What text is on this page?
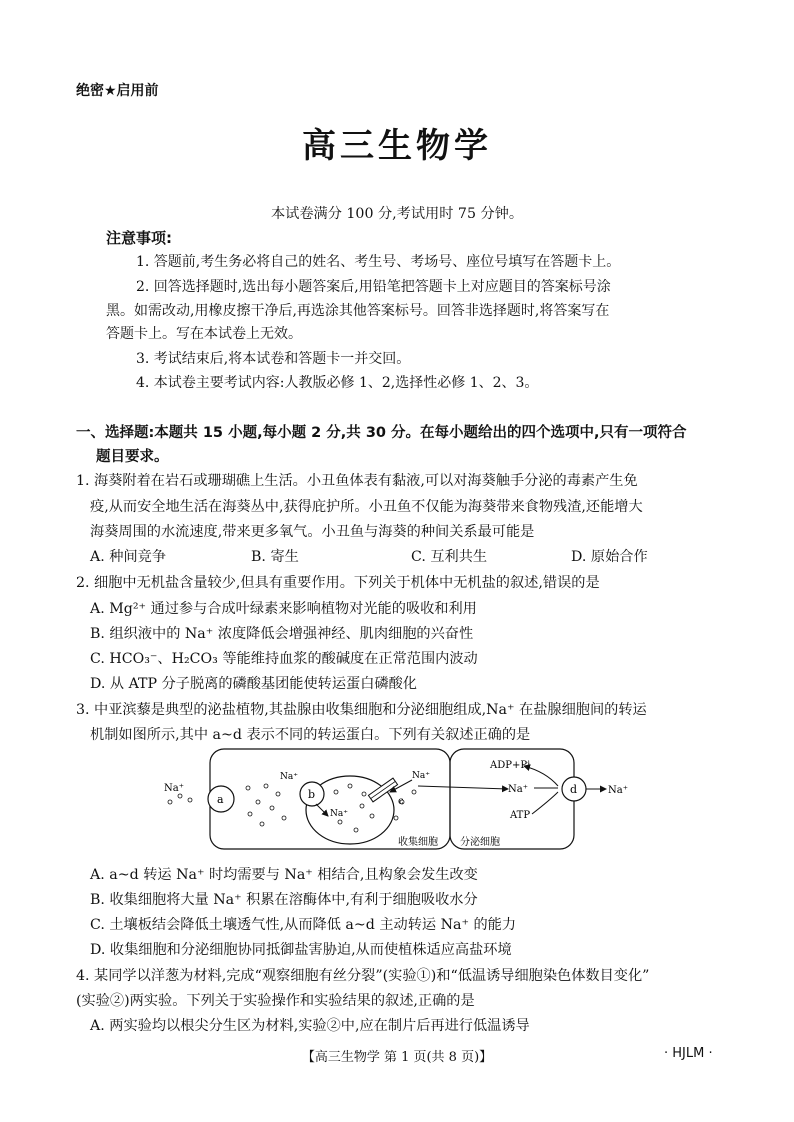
绝密★启用前
高三生物学
本试卷满分 100 分,考试用时 75 分钟。
注意事项:
1. 答题前,考生务必将自己的姓名、考生号、考场号、座位号填写在答题卡上。
2. 回答选择题时,选出每小题答案后,用铅笔把答题卡上对应题目的答案标号涂
黑。如需改动,用橡皮擦干净后,再选涂其他答案标号。回答非选择题时,将答案写在
答题卡上。写在本试卷上无效。
3. 考试结束后,将本试卷和答题卡一并交回。
4. 本试卷主要考试内容:人教版必修 1、2,选择性必修 1、2、3。
一、选择题:本题共 15 小题,每小题 2 分,共 30 分。在每小题给出的四个选项中,只有一项符合
题目要求。
1. 海葵附着在岩石或珊瑚礁上生活。小丑鱼体表有黏液,可以对海葵触手分泌的毒素产生免
疫,从而安全地生活在海葵丛中,获得庇护所。小丑鱼不仅能为海葵带来食物残渣,还能增大
海葵周围的水流速度,带来更多氧气。小丑鱼与海葵的种间关系最可能是
A. 种间竞争	B. 寄生	C. 互利共生	D. 原始合作
2. 细胞中无机盐含量较少,但具有重要作用。下列关于机体中无机盐的叙述,错误的是
A. Mg²⁺ 通过参与合成叶绿素来影响植物对光能的吸收和利用
B. 组织液中的 Na⁺ 浓度降低会增强神经、肌肉细胞的兴奋性
C. HCO₃⁻、H₂CO₃ 等能维持血浆的酸碱度在正常范围内波动
D. 从 ATP 分子脱离的磷酸基团能使转运蛋白磷酸化
3. 中亚滨藜是典型的泌盐植物,其盐腺由收集细胞和分泌细胞组成,Na⁺ 在盐腺细胞间的转运
机制如图所示,其中 a~d 表示不同的转运蛋白。下列有关叙述正确的是
Na⁺
a	b
Na⁺
Na⁺
c
Na⁺
ADP+Pi
Na⁺
ATP
d	Na⁺
收集细胞 分泌细胞
A. a~d 转运 Na⁺ 时均需要与 Na⁺ 相结合,且构象会发生改变
B. 收集细胞将大量 Na⁺ 积累在溶酶体中,有利于细胞吸收水分
C. 土壤板结会降低土壤透气性,从而降低 a~d 主动转运 Na⁺ 的能力
D. 收集细胞和分泌细胞协同抵御盐害胁迫,从而使植株适应高盐环境
4. 某同学以洋葱为材料,完成“观察细胞有丝分裂”(实验①)和“低温诱导细胞染色体数目变化”
(实验②)两实验。下列关于实验操作和实验结果的叙述,正确的是
A. 两实验均以根尖分生区为材料,实验②中,应在制片后再进行低温诱导
【高三生物学 第 1 页(共 8 页)】	· HJLM ·
